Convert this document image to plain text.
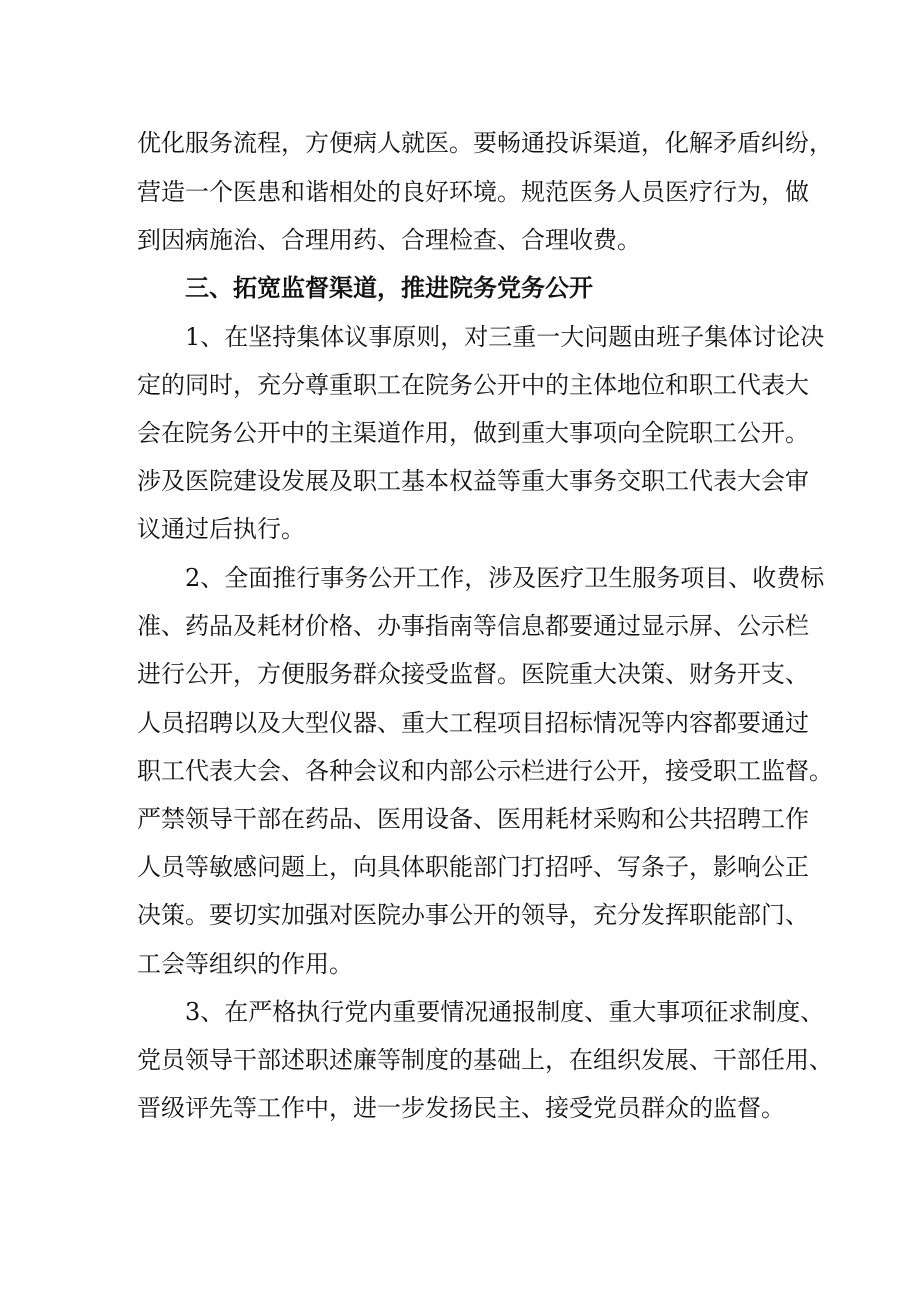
优化服务流程，方便病人就医。要畅通投诉渠道，化解矛盾纠纷，
营造一个医患和谐相处的良好环境。规范医务人员医疗行为，做
到因病施治、合理用药、合理检查、合理收费。
三、拓宽监督渠道，推进院务党务公开
1、在坚持集体议事原则，对三重一大问题由班子集体讨论决
定的同时，充分尊重职工在院务公开中的主体地位和职工代表大
会在院务公开中的主渠道作用，做到重大事项向全院职工公开。
涉及医院建设发展及职工基本权益等重大事务交职工代表大会审
议通过后执行。
2、全面推行事务公开工作，涉及医疗卫生服务项目、收费标
准、药品及耗材价格、办事指南等信息都要通过显示屏、公示栏
进行公开，方便服务群众接受监督。医院重大决策、财务开支、
人员招聘以及大型仪器、重大工程项目招标情况等内容都要通过
职工代表大会、各种会议和内部公示栏进行公开，接受职工监督。
严禁领导干部在药品、医用设备、医用耗材采购和公共招聘工作
人员等敏感问题上，向具体职能部门打招呼、写条子，影响公正
决策。要切实加强对医院办事公开的领导，充分发挥职能部门、
工会等组织的作用。
3、在严格执行党内重要情况通报制度、重大事项征求制度、
党员领导干部述职述廉等制度的基础上，在组织发展、干部任用、
晋级评先等工作中，进一步发扬民主、接受党员群众的监督。
